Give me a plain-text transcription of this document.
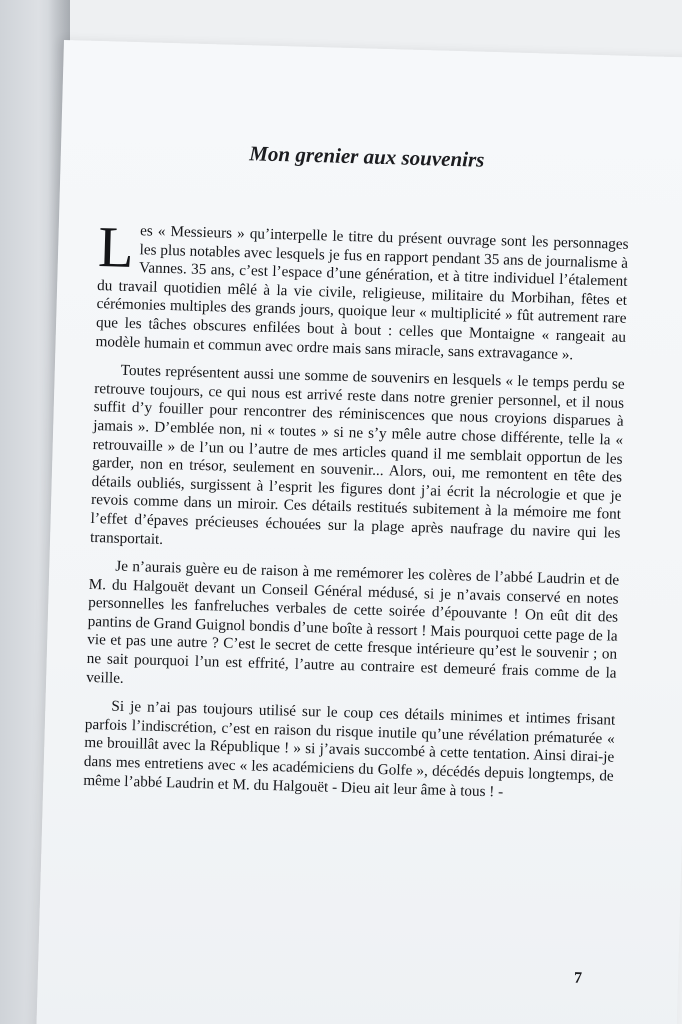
Mon grenier aux souvenirs

Les « Messieurs » qu’interpelle le titre du présent ouvrage sont les personnages les plus notables avec lesquels je fus en rapport pendant 35 ans de journalisme à Vannes. 35 ans, c’est l’espace d’une génération, et à titre individuel l’étalement du travail quotidien mêlé à la vie civile, religieuse, militaire du Morbihan, fêtes et cérémonies multiples des grands jours, quoique leur « multiplicité » fût autrement rare que les tâches obscures enfilées bout à bout : celles que Montaigne « rangeait au modèle humain et commun avec ordre mais sans miracle, sans extravagance ».

Toutes représentent aussi une somme de souvenirs en lesquels « le temps perdu se retrouve toujours, ce qui nous est arrivé reste dans notre grenier personnel, et il nous suffit d’y fouiller pour rencontrer des réminiscences que nous croyions disparues à jamais ». D’emblée non, ni « toutes » si ne s’y mêle autre chose différente, telle la « retrouvaille » de l’un ou l’autre de mes articles quand il me semblait opportun de les garder, non en trésor, seulement en souvenir... Alors, oui, me remontent en tête des détails oubliés, surgissent à l’esprit les figures dont j’ai écrit la nécrologie et que je revois comme dans un miroir. Ces détails restitués subitement à la mémoire me font l’effet d’épaves précieuses échouées sur la plage après naufrage du navire qui les transportait.

Je n’aurais guère eu de raison à me remémorer les colères de l’abbé Laudrin et de M. du Halgouët devant un Conseil Général médusé, si je n’avais conservé en notes personnelles les fanfreluches verbales de cette soirée d’épouvante ! On eût dit des pantins de Grand Guignol bondis d’une boîte à ressort ! Mais pourquoi cette page de la vie et pas une autre ? C’est le secret de cette fresque intérieure qu’est le souvenir ; on ne sait pourquoi l’un est effrité, l’autre au contraire est demeuré frais comme de la veille.

Si je n’ai pas toujours utilisé sur le coup ces détails minimes et intimes frisant parfois l’indiscrétion, c’est en raison du risque inutile qu’une révélation prématurée « me brouillât avec la République ! » si j’avais succombé à cette tentation. Ainsi dirai-je dans mes entretiens avec « les académiciens du Golfe », décédés depuis longtemps, de même l’abbé Laudrin et M. du Halgouët - Dieu ait leur âme à tous ! -

7
